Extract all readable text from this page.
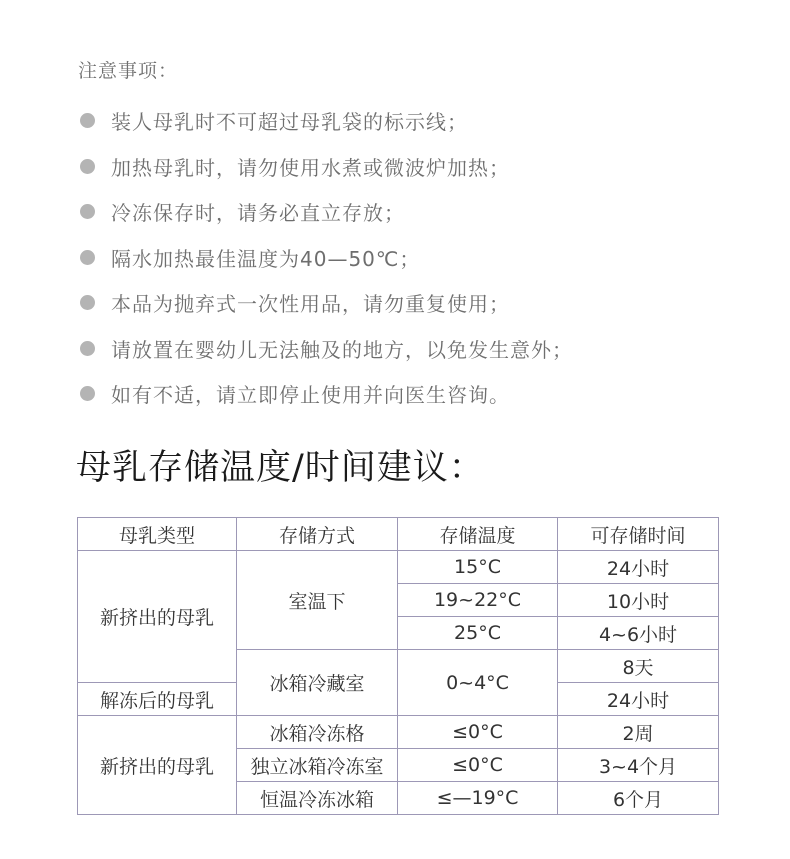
注意事项：
装人母乳时不可超过母乳袋的标示线；
加热母乳时，请勿使用水煮或微波炉加热；
冷冻保存时，请务必直立存放；
隔水加热最佳温度为40—50℃；
本品为抛弃式一次性用品，请勿重复使用；
请放置在婴幼儿无法触及的地方，以免发生意外；
如有不适，请立即停止使用并向医生咨询。
母乳存储温度/时间建议：
母乳类型	存储方式	存储温度	可存储时间
新挤出的母乳	室温下	15°C	24小时
		19~22°C	10小时
		25°C	4~6小时
	冰箱冷藏室	0~4°C	8天
解冻后的母乳			24小时
新挤出的母乳	冰箱冷冻格	≤0°C	2周
	独立冰箱冷冻室	≤0°C	3~4个月
	恒温冷冻冰箱	≤—19°C	6个月
